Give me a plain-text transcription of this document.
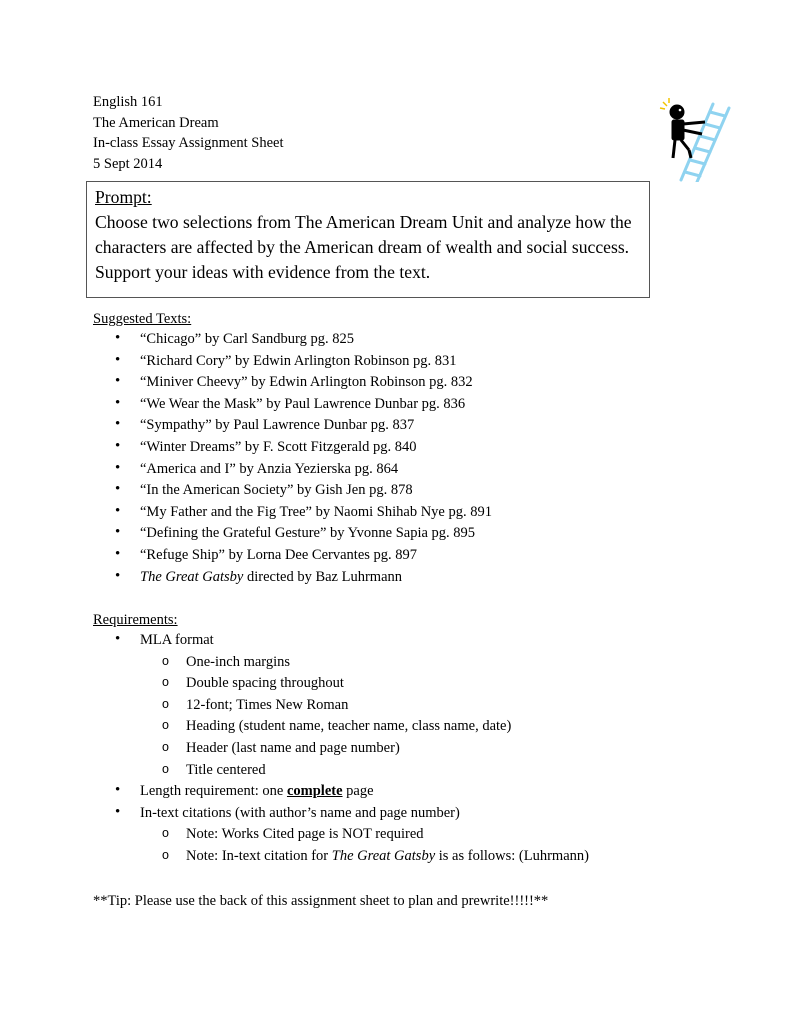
English 161
The American Dream
In-class Essay Assignment Sheet
5 Sept 2014
Prompt:
Choose two selections from The American Dream Unit and analyze how the characters are affected by the American dream of wealth and social success. Support your ideas with evidence from the text.
Suggested Texts:
• “Chicago” by Carl Sandburg pg. 825
• “Richard Cory” by Edwin Arlington Robinson pg. 831
• “Miniver Cheevy” by Edwin Arlington Robinson pg. 832
• “We Wear the Mask” by Paul Lawrence Dunbar pg. 836
• “Sympathy” by Paul Lawrence Dunbar pg. 837
• “Winter Dreams” by F. Scott Fitzgerald pg. 840
• “America and I” by Anzia Yezierska pg. 864
• “In the American Society” by Gish Jen pg. 878
• “My Father and the Fig Tree” by Naomi Shihab Nye pg. 891
• “Defining the Grateful Gesture” by Yvonne Sapia pg. 895
• “Refuge Ship” by Lorna Dee Cervantes pg. 897
• The Great Gatsby directed by Baz Luhrmann
Requirements:
• MLA format
o One-inch margins
o Double spacing throughout
o 12-font; Times New Roman
o Heading (student name, teacher name, class name, date)
o Header (last name and page number)
o Title centered
• Length requirement: one complete page
• In-text citations (with author’s name and page number)
o Note: Works Cited page is NOT required
o Note: In-text citation for The Great Gatsby is as follows: (Luhrmann)
**Tip: Please use the back of this assignment sheet to plan and prewrite!!!!!**
